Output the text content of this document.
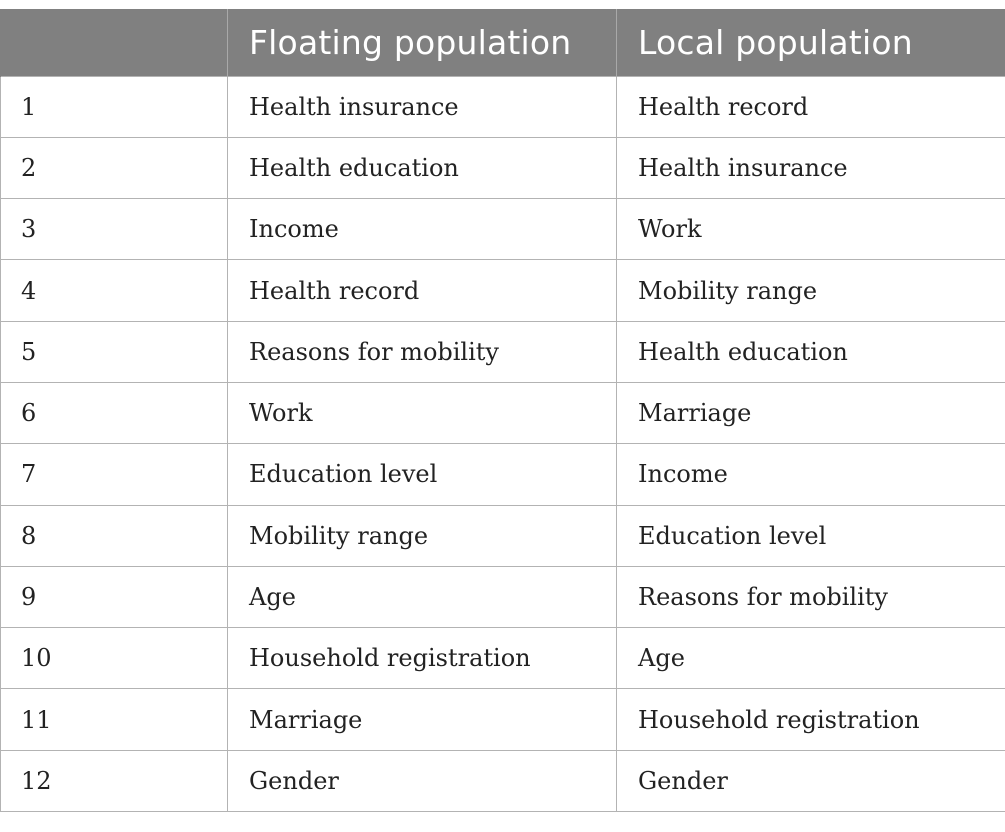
	Floating population	Local population
1	Health insurance	Health record
2	Health education	Health insurance
3	Income	Work
4	Health record	Mobility range
5	Reasons for mobility	Health education
6	Work	Marriage
7	Education level	Income
8	Mobility range	Education level
9	Age	Reasons for mobility
10	Household registration	Age
11	Marriage	Household registration
12	Gender	Gender
